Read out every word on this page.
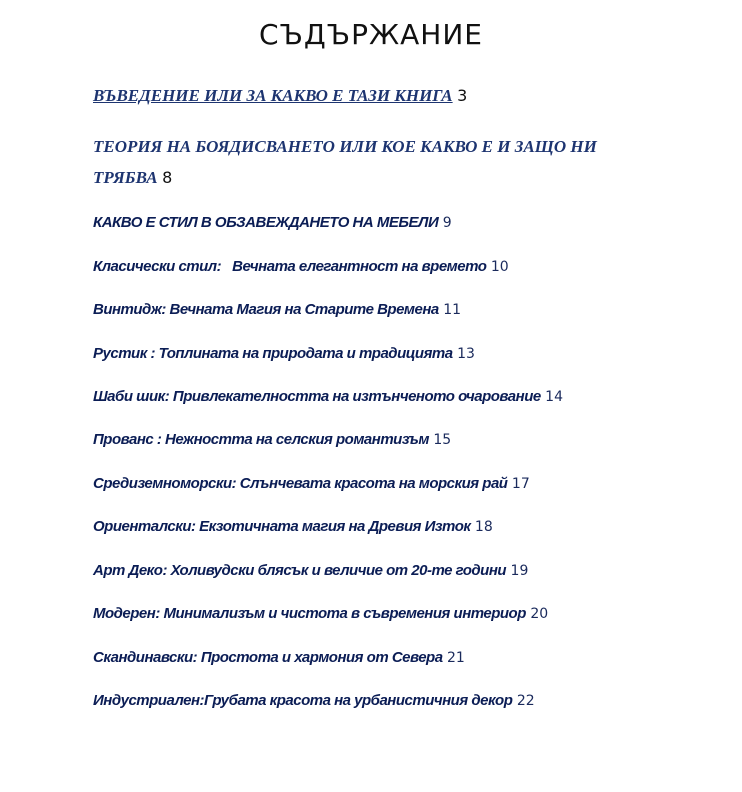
СЪДЪРЖАНИЕ
ВЪВЕДЕНИЕ ИЛИ ЗА КАКВО Е ТАЗИ КНИГА 3
ТЕОРИЯ НА БОЯДИСВАНЕТО ИЛИ КОЕ КАКВО Е И ЗАЩО НИ ТРЯБВА 8
КАКВО Е СТИЛ В ОБЗАВЕЖДАНЕТО НА МЕБЕЛИ 9
Класически стил:   Вечната елегантност на времето 10
Винтидж: Вечната Магия на Старите Времена 11
Рустик : Топлината на природата и традицията 13
Шаби шик: Привлекателността на изтънченото очарование 14
Прованс : Нежността на селския романтизъм 15
Средиземноморски: Слънчевата красота на морския рай 17
Ориенталски: Екзотичната магия на Древия Изток 18
Арт Деко: Холивудски блясък и величие от 20-те години 19
Модерен: Минимализъм и чистота в съвремения интериор 20
Скандинавски: Простота и хармония от Севера 21
Индустриален:Грубата красота на урбанистичния декор 22
